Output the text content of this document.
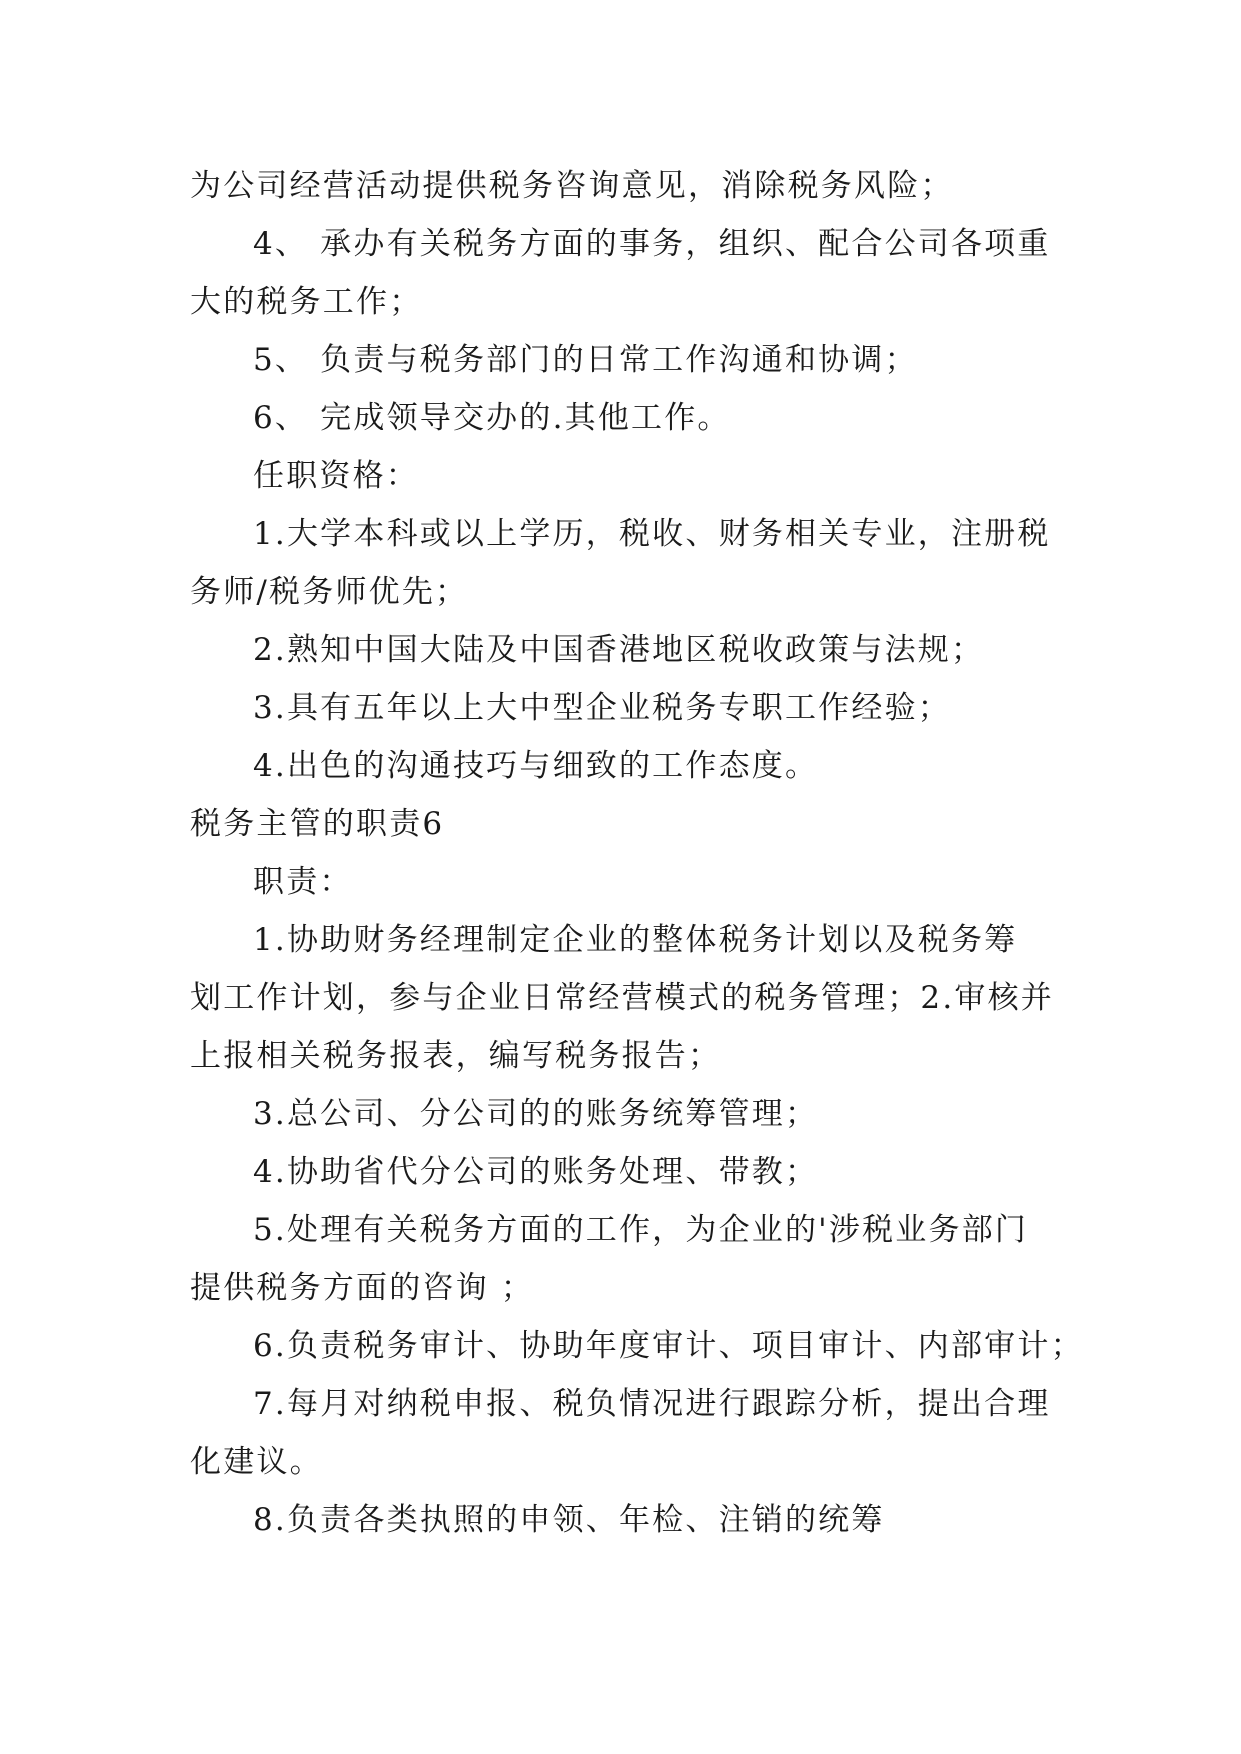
为公司经营活动提供税务咨询意见，消除税务风险；
4、 承办有关税务方面的事务，组织、配合公司各项重
大的税务工作；
5、 负责与税务部门的日常工作沟通和协调；
6、 完成领导交办的.其他工作。
任职资格：
1.大学本科或以上学历，税收、财务相关专业，注册税
务师/税务师优先；
2.熟知中国大陆及中国香港地区税收政策与法规；
3.具有五年以上大中型企业税务专职工作经验；
4.出色的沟通技巧与细致的工作态度。
税务主管的职责6
职责：
1.协助财务经理制定企业的整体税务计划以及税务筹
划工作计划，参与企业日常经营模式的税务管理；2.审核并
上报相关税务报表，编写税务报告；
3.总公司、分公司的的账务统筹管理；
4.协助省代分公司的账务处理、带教；
5.处理有关税务方面的工作，为企业的'涉税业务部门
提供税务方面的咨询 ；
6.负责税务审计、协助年度审计、项目审计、内部审计；
7.每月对纳税申报、税负情况进行跟踪分析，提出合理
化建议。
8.负责各类执照的申领、年检、注销的统筹
